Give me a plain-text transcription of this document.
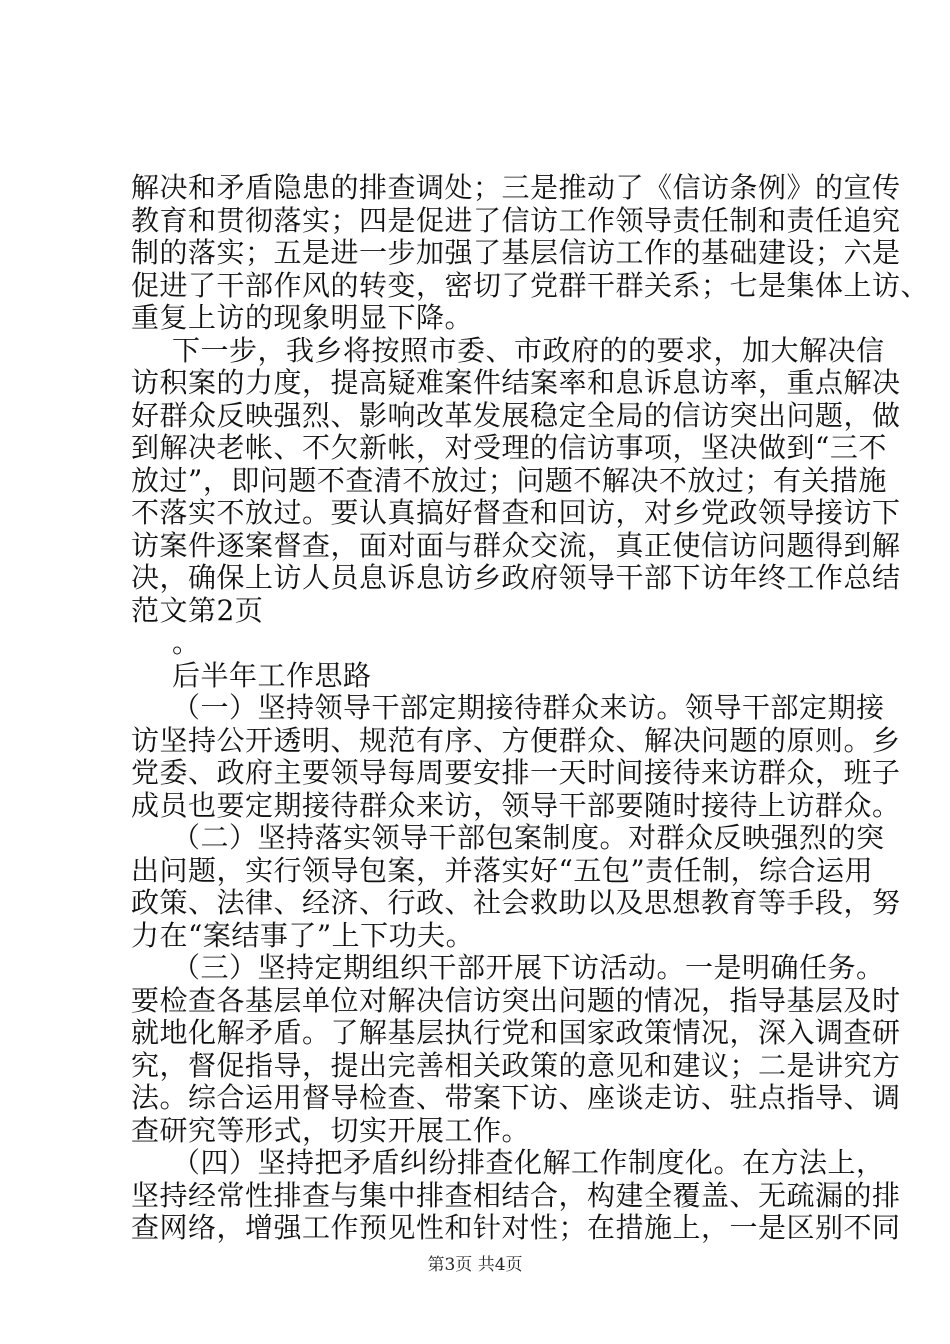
解决和矛盾隐患的排查调处；三是推动了《信访条例》的宣传
教育和贯彻落实；四是促进了信访工作领导责任制和责任追究
制的落实；五是进一步加强了基层信访工作的基础建设；六是
促进了干部作风的转变，密切了党群干群关系；七是集体上访、
重复上访的现象明显下降。
下一步，我乡将按照市委、市政府的的要求，加大解决信
访积案的力度，提高疑难案件结案率和息诉息访率，重点解决
好群众反映强烈、影响改革发展稳定全局的信访突出问题，做
到解决老帐、不欠新帐，对受理的信访事项，坚决做到“三不
放过”，即问题不查清不放过；问题不解决不放过；有关措施
不落实不放过。要认真搞好督查和回访，对乡党政领导接访下
访案件逐案督查，面对面与群众交流，真正使信访问题得到解
决，确保上访人员息诉息访乡政府领导干部下访年终工作总结
范文第2页
。
后半年工作思路
（一）坚持领导干部定期接待群众来访。领导干部定期接
访坚持公开透明、规范有序、方便群众、解决问题的原则。乡
党委、政府主要领导每周要安排一天时间接待来访群众，班子
成员也要定期接待群众来访，领导干部要随时接待上访群众。
（二）坚持落实领导干部包案制度。对群众反映强烈的突
出问题，实行领导包案，并落实好“五包”责任制，综合运用
政策、法律、经济、行政、社会救助以及思想教育等手段，努
力在“案结事了”上下功夫。
（三）坚持定期组织干部开展下访活动。一是明确任务。
要检查各基层单位对解决信访突出问题的情况，指导基层及时
就地化解矛盾。了解基层执行党和国家政策情况，深入调查研
究，督促指导，提出完善相关政策的意见和建议；二是讲究方
法。综合运用督导检查、带案下访、座谈走访、驻点指导、调
查研究等形式，切实开展工作。
第3页 共4页
（四）坚持把矛盾纠纷排查化解工作制度化。在方法上，
坚持经常性排查与集中排查相结合，构建全覆盖、无疏漏的排
查网络，增强工作预见性和针对性；在措施上，一是区别不同
